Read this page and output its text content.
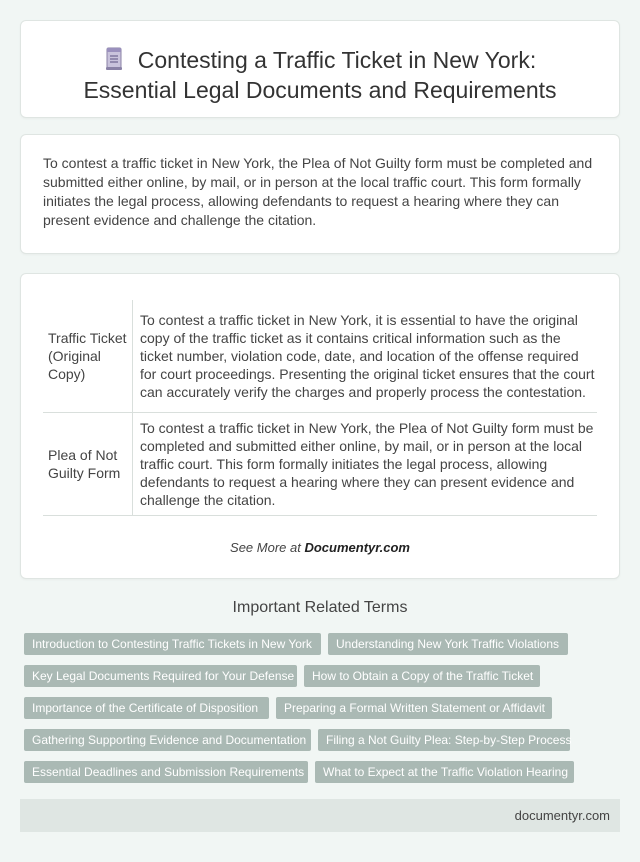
Contesting a Traffic Ticket in New York:
Essential Legal Documents and Requirements

To contest a traffic ticket in New York, the Plea of Not Guilty form must be completed and submitted either online, by mail, or in person at the local traffic court. This form formally initiates the legal process, allowing defendants to request a hearing where they can present evidence and challenge the citation.

Traffic Ticket (Original Copy)	To contest a traffic ticket in New York, it is essential to have the original copy of the traffic ticket as it contains critical information such as the ticket number, violation code, date, and location of the offense required for court proceedings. Presenting the original ticket ensures that the court can accurately verify the charges and properly process the contestation.
Plea of Not Guilty Form	To contest a traffic ticket in New York, the Plea of Not Guilty form must be completed and submitted either online, by mail, or in person at the local traffic court. This form formally initiates the legal process, allowing defendants to request a hearing where they can present evidence and challenge the citation.
See More at Documentyr.com
Important Related Terms
Introduction to Contesting Traffic Tickets in New York	Understanding New York Traffic Violations
Key Legal Documents Required for Your Defense	How to Obtain a Copy of the Traffic Ticket
Importance of the Certificate of Disposition	Preparing a Formal Written Statement or Affidavit
Gathering Supporting Evidence and Documentation	Filing a Not Guilty Plea: Step-by-Step Process
Essential Deadlines and Submission Requirements	What to Expect at the Traffic Violation Hearing
documentyr.com
